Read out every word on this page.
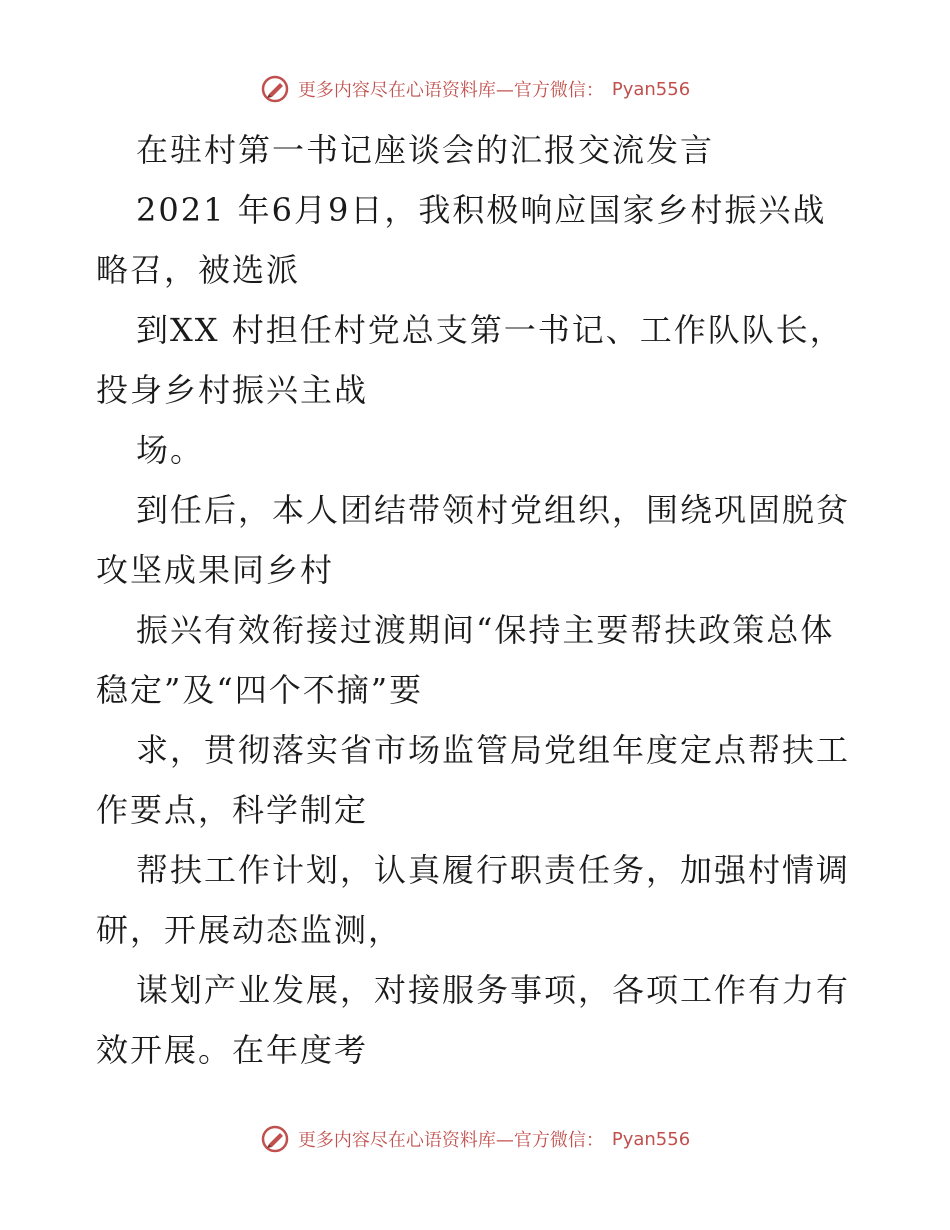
更多内容尽在心语资料库—官方微信： Pyan556
在驻村第一书记座谈会的汇报交流发言
2021 年6月9日，我积极响应国家乡村振兴战
略召，被选派
到XX 村担任村党总支第一书记、工作队队长，
投身乡村振兴主战
场。
到任后，本人团结带领村党组织，围绕巩固脱贫
攻坚成果同乡村
振兴有效衔接过渡期间“保持主要帮扶政策总体
稳定”及“四个不摘”要
求，贯彻落实省市场监管局党组年度定点帮扶工
作要点，科学制定
帮扶工作计划，认真履行职责任务，加强村情调
研，开展动态监测，
谋划产业发展，对接服务事项，各项工作有力有
效开展。在年度考
更多内容尽在心语资料库—官方微信： Pyan556
